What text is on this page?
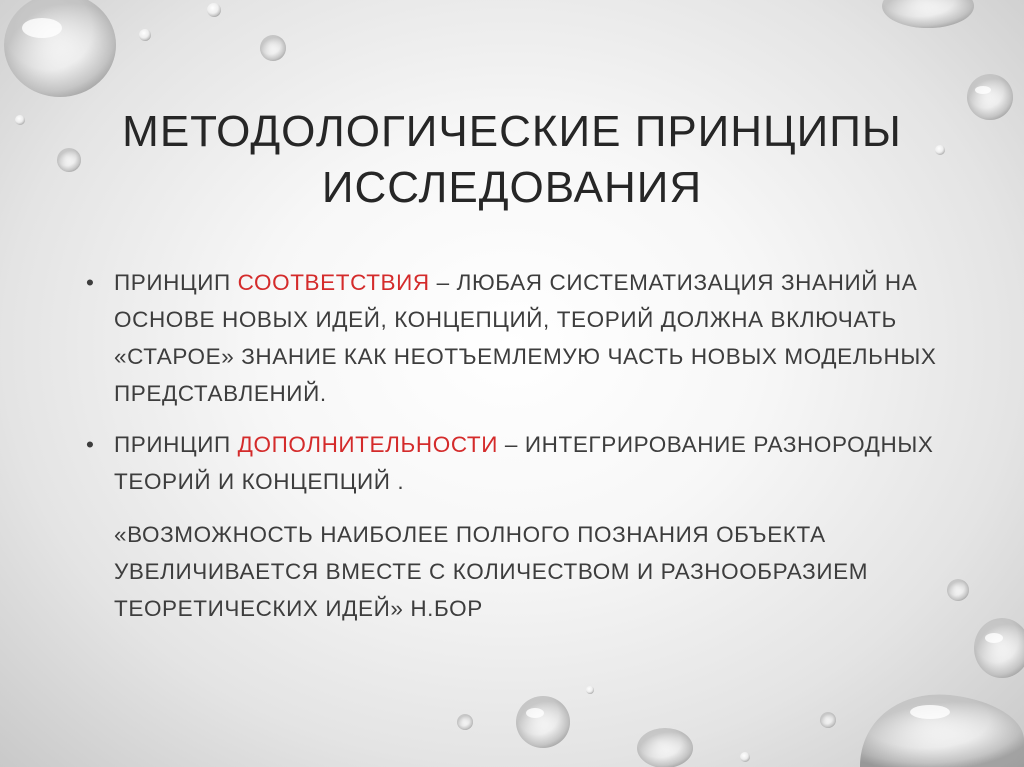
МЕТОДОЛОГИЧЕСКИЕ ПРИНЦИПЫ
ИССЛЕДОВАНИЯ
• ПРИНЦИП СООТВЕТСТВИЯ – ЛЮБАЯ СИСТЕМАТИЗАЦИЯ ЗНАНИЙ НА
ОСНОВЕ НОВЫХ ИДЕЙ, КОНЦЕПЦИЙ, ТЕОРИЙ ДОЛЖНА ВКЛЮЧАТЬ
«СТАРОЕ» ЗНАНИЕ КАК НЕОТЪЕМЛЕМУЮ ЧАСТЬ НОВЫХ МОДЕЛЬНЫХ
ПРЕДСТАВЛЕНИЙ.
• ПРИНЦИП ДОПОЛНИТЕЛЬНОСТИ – ИНТЕГРИРОВАНИЕ РАЗНОРОДНЫХ
ТЕОРИЙ И КОНЦЕПЦИЙ .
«ВОЗМОЖНОСТЬ НАИБОЛЕЕ ПОЛНОГО ПОЗНАНИЯ ОБЪЕКТА
УВЕЛИЧИВАЕТСЯ ВМЕСТЕ С КОЛИЧЕСТВОМ И РАЗНООБРАЗИЕМ
ТЕОРЕТИЧЕСКИХ ИДЕЙ» Н.БОР
